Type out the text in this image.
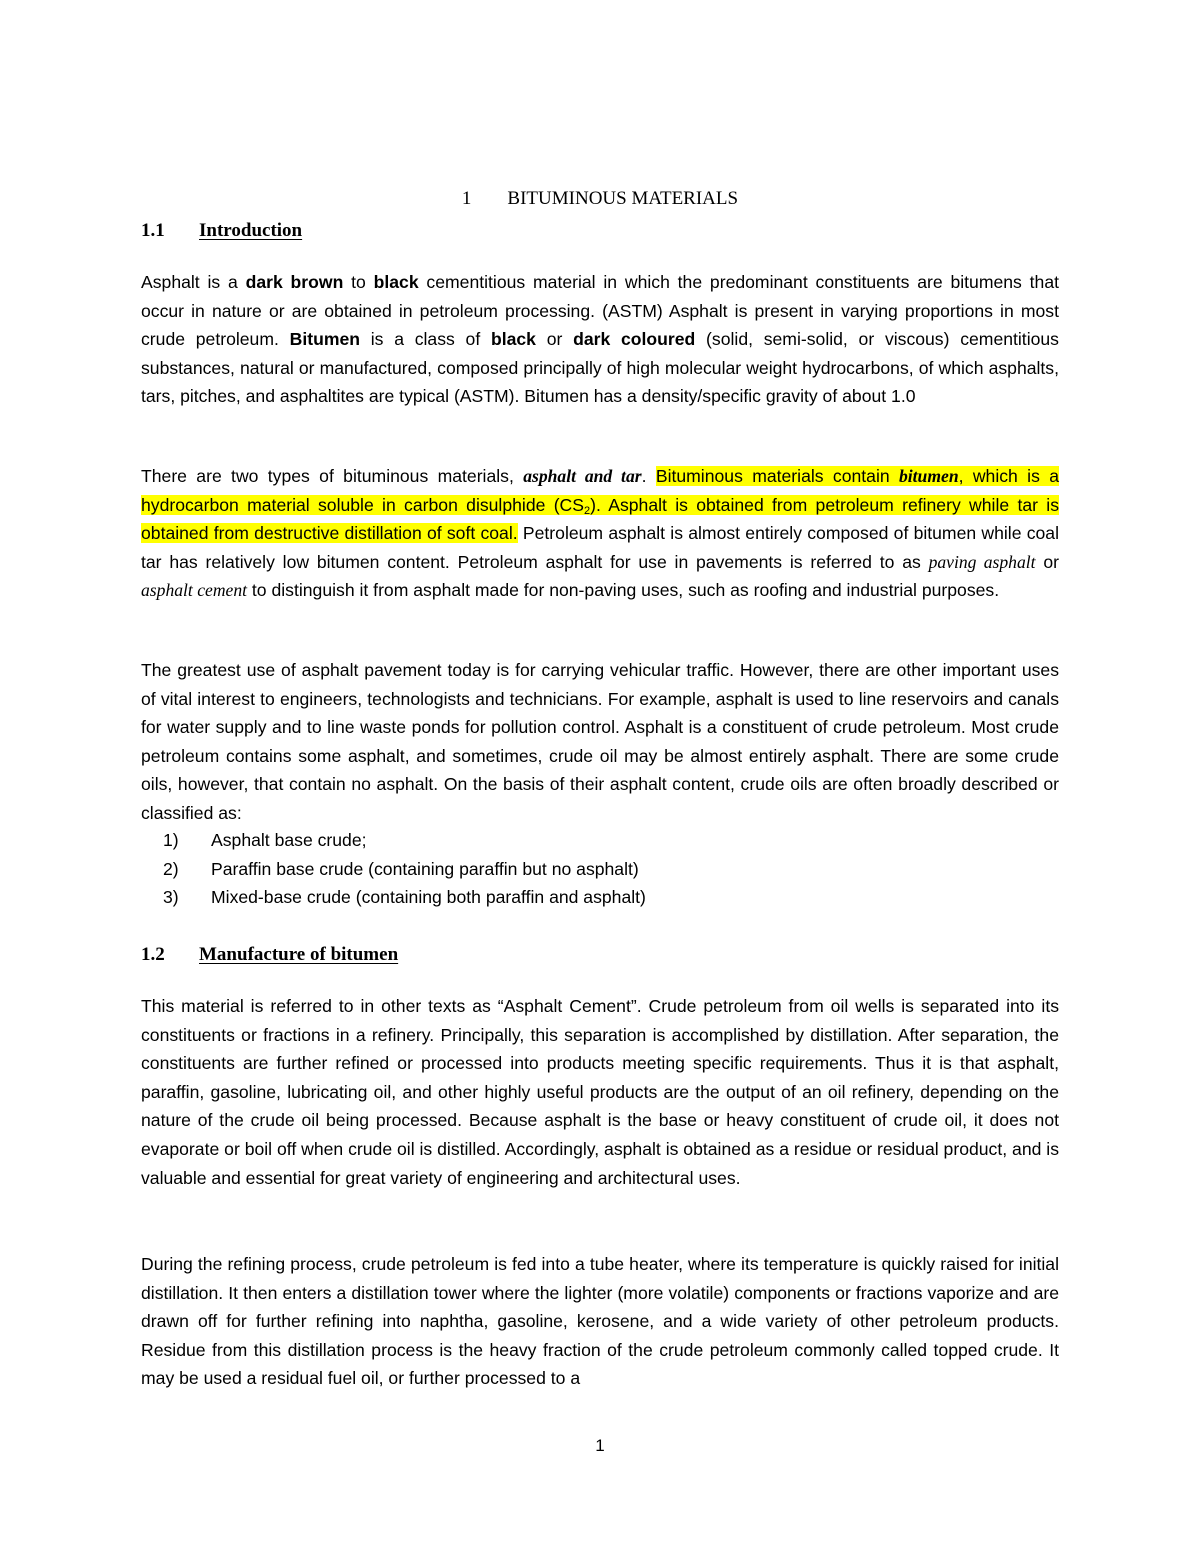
1 BITUMINOUS MATERIALS
1.1 Introduction
Asphalt is a dark brown to black cementitious material in which the predominant constituents are bitumens that occur in nature or are obtained in petroleum processing. (ASTM) Asphalt is present in varying proportions in most crude petroleum. Bitumen is a class of black or dark coloured (solid, semi-solid, or viscous) cementitious substances, natural or manufactured, composed principally of high molecular weight hydrocarbons, of which asphalts, tars, pitches, and asphaltites are typical (ASTM). Bitumen has a density/specific gravity of about 1.0
There are two types of bituminous materials, asphalt and tar. Bituminous materials contain bitumen, which is a hydrocarbon material soluble in carbon disulphide $(CS_2)$. Asphalt is obtained from petroleum refinery while tar is obtained from destructive distillation of soft coal. Petroleum asphalt is almost entirely composed of bitumen while coal tar has relatively low bitumen content. Petroleum asphalt for use in pavements is referred to as paving asphalt or asphalt cement to distinguish it from asphalt made for non-paving uses, such as roofing and industrial purposes.
The greatest use of asphalt pavement today is for carrying vehicular traffic. However, there are other important uses of vital interest to engineers, technologists and technicians. For example, asphalt is used to line reservoirs and canals for water supply and to line waste ponds for pollution control. Asphalt is a constituent of crude petroleum. Most crude petroleum contains some asphalt, and sometimes, crude oil may be almost entirely asphalt. There are some crude oils, however, that contain no asphalt. On the basis of their asphalt content, crude oils are often broadly described or classified as:
1)	Asphalt base crude;
2)	Paraffin base crude (containing paraffin but no asphalt)
3)	Mixed-base crude (containing both paraffin and asphalt)
1.2 Manufacture of bitumen
This material is referred to in other texts as “Asphalt Cement”. Crude petroleum from oil wells is separated into its constituents or fractions in a refinery. Principally, this separation is accomplished by distillation. After separation, the constituents are further refined or processed into products meeting specific requirements. Thus it is that asphalt, paraffin, gasoline, lubricating oil, and other highly useful products are the output of an oil refinery, depending on the nature of the crude oil being processed. Because asphalt is the base or heavy constituent of crude oil, it does not evaporate or boil off when crude oil is distilled. Accordingly, asphalt is obtained as a residue or residual product, and is valuable and essential for great variety of engineering and architectural uses.
During the refining process, crude petroleum is fed into a tube heater, where its temperature is quickly raised for initial distillation. It then enters a distillation tower where the lighter (more volatile) components or fractions vaporize and are drawn off for further refining into naphtha, gasoline, kerosene, and a wide variety of other petroleum products. Residue from this distillation process is the heavy fraction of the crude petroleum commonly called topped crude. It may be used a residual fuel oil, or further processed to a
1
